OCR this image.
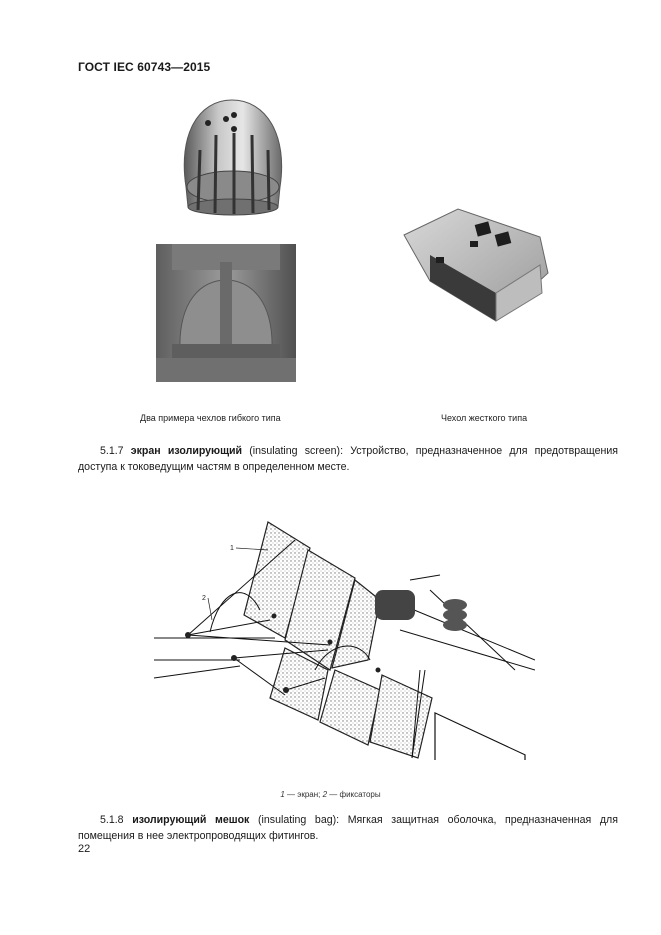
ГОСТ IEC 60743—2015
Два примера чехлов гибкого типа	Чехол жесткого типа
5.1.7 экран изолирующий (insulating screen): Устройство, предназначенное для предотвращения доступа к токоведущим частям в определенном месте.
1
2
1 — экран; 2 — фиксаторы
5.1.8 изолирующий мешок (insulating bag): Мягкая защитная оболочка, предназначенная для помещения в нее электропроводящих фитингов.
22
